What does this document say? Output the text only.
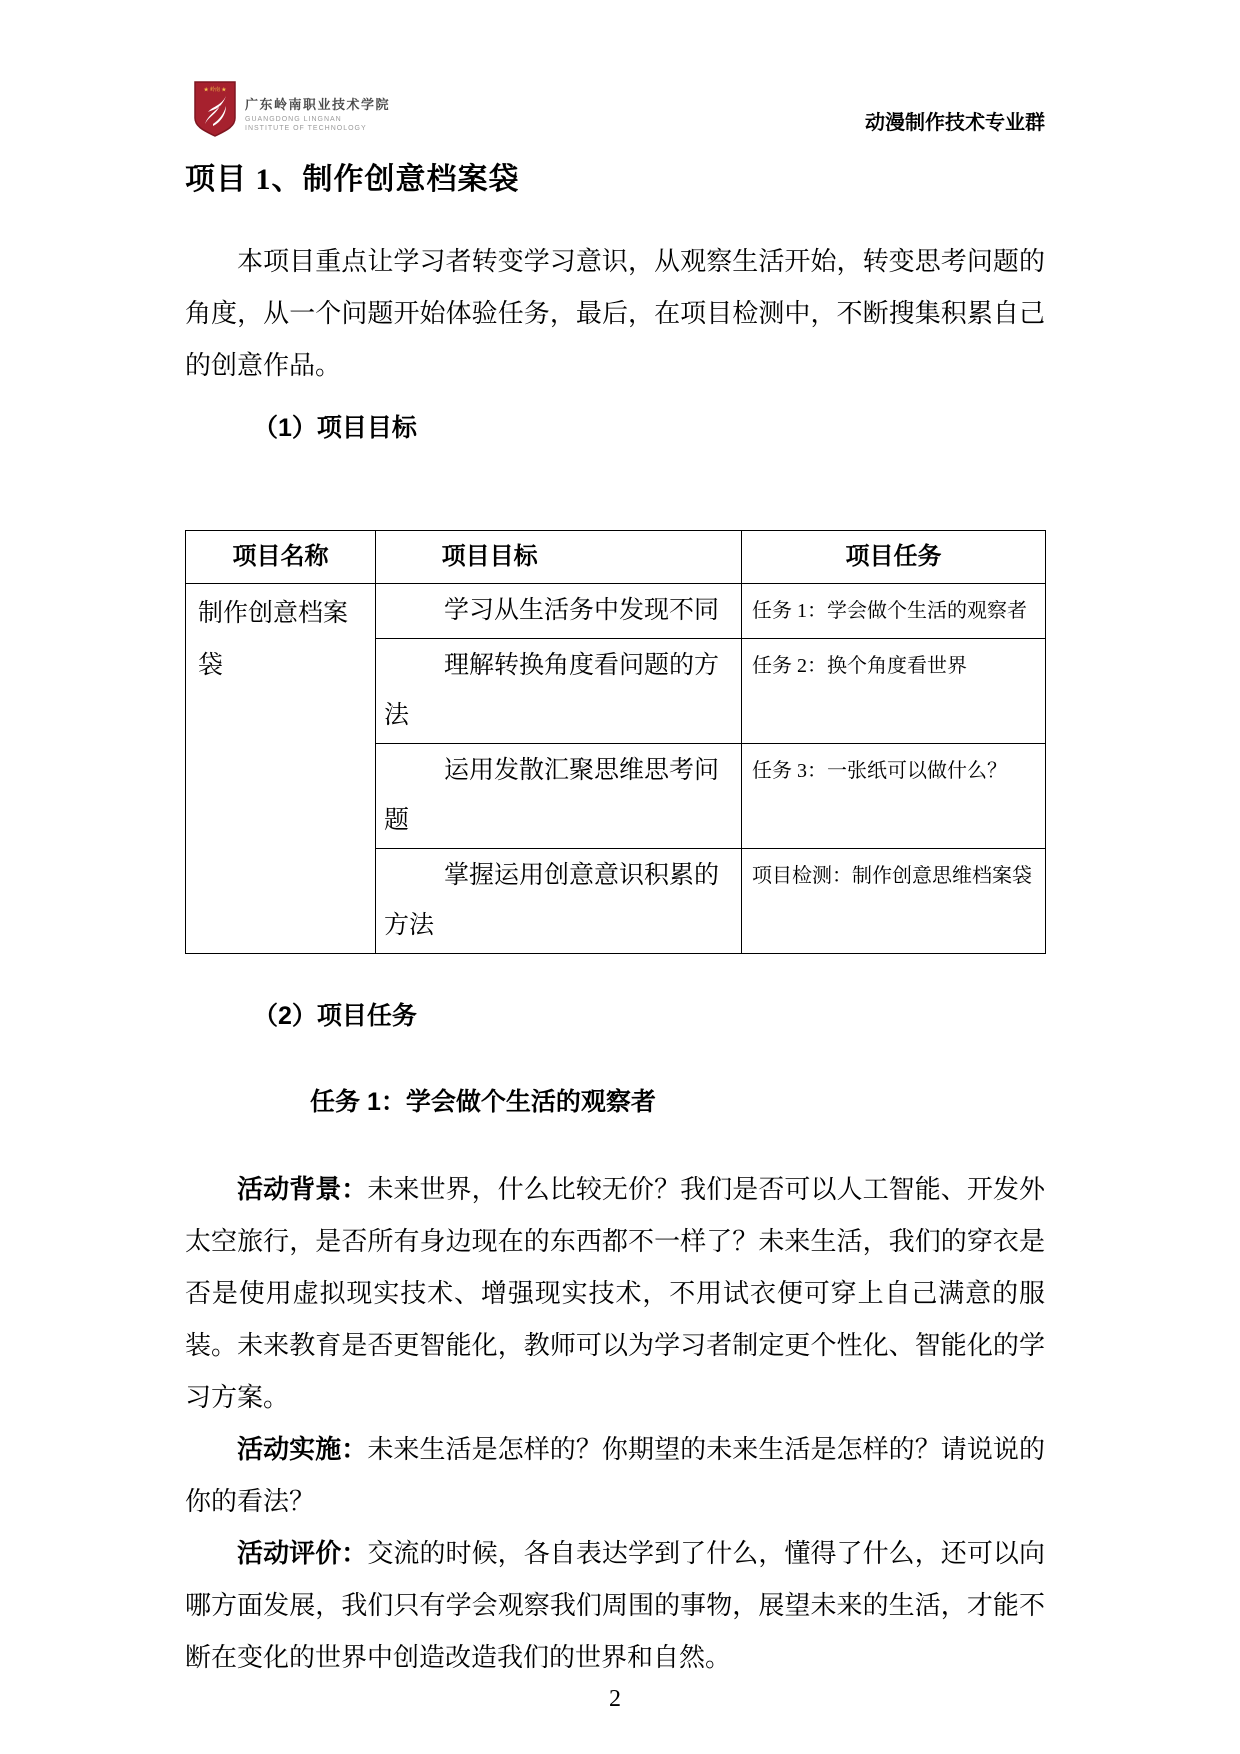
★ 岭南 ★
广东岭南职业技术学院
GUANGDONG LINGNAN
INSTITUTE OF TECHNOLOGY	动漫制作技术专业群
项目 1、制作创意档案袋

本项目重点让学习者转变学习意识，从观察生活开始，转变思考问题的角度，从一个问题开始体验任务，最后，在项目检测中，不断搜集积累自己的创意作品。

（1）项目目标
项目名称	项目目标	项目任务
制作创意档案袋	学习从生活务中发现不同	任务 1：学会做个生活的观察者
	理解转换角度看问题的方法	任务 2：换个角度看世界
	运用发散汇聚思维思考问题	任务 3：一张纸可以做什么？
	掌握运用创意意识积累的方法	项目检测：制作创意思维档案袋
（2）项目任务
任务 1：学会做个生活的观察者

活动背景：未来世界，什么比较无价？我们是否可以人工智能、开发外太空旅行，是否所有身边现在的东西都不一样了？未来生活，我们的穿衣是否是使用虚拟现实技术、增强现实技术，不用试衣便可穿上自己满意的服装。未来教育是否更智能化，教师可以为学习者制定更个性化、智能化的学习方案。

活动实施：未来生活是怎样的？你期望的未来生活是怎样的？请说说的你的看法？

活动评价：交流的时候，各自表达学到了什么，懂得了什么，还可以向哪方面发展，我们只有学会观察我们周围的事物，展望未来的生活，才能不断在变化的世界中创造改造我们的世界和自然。

2
